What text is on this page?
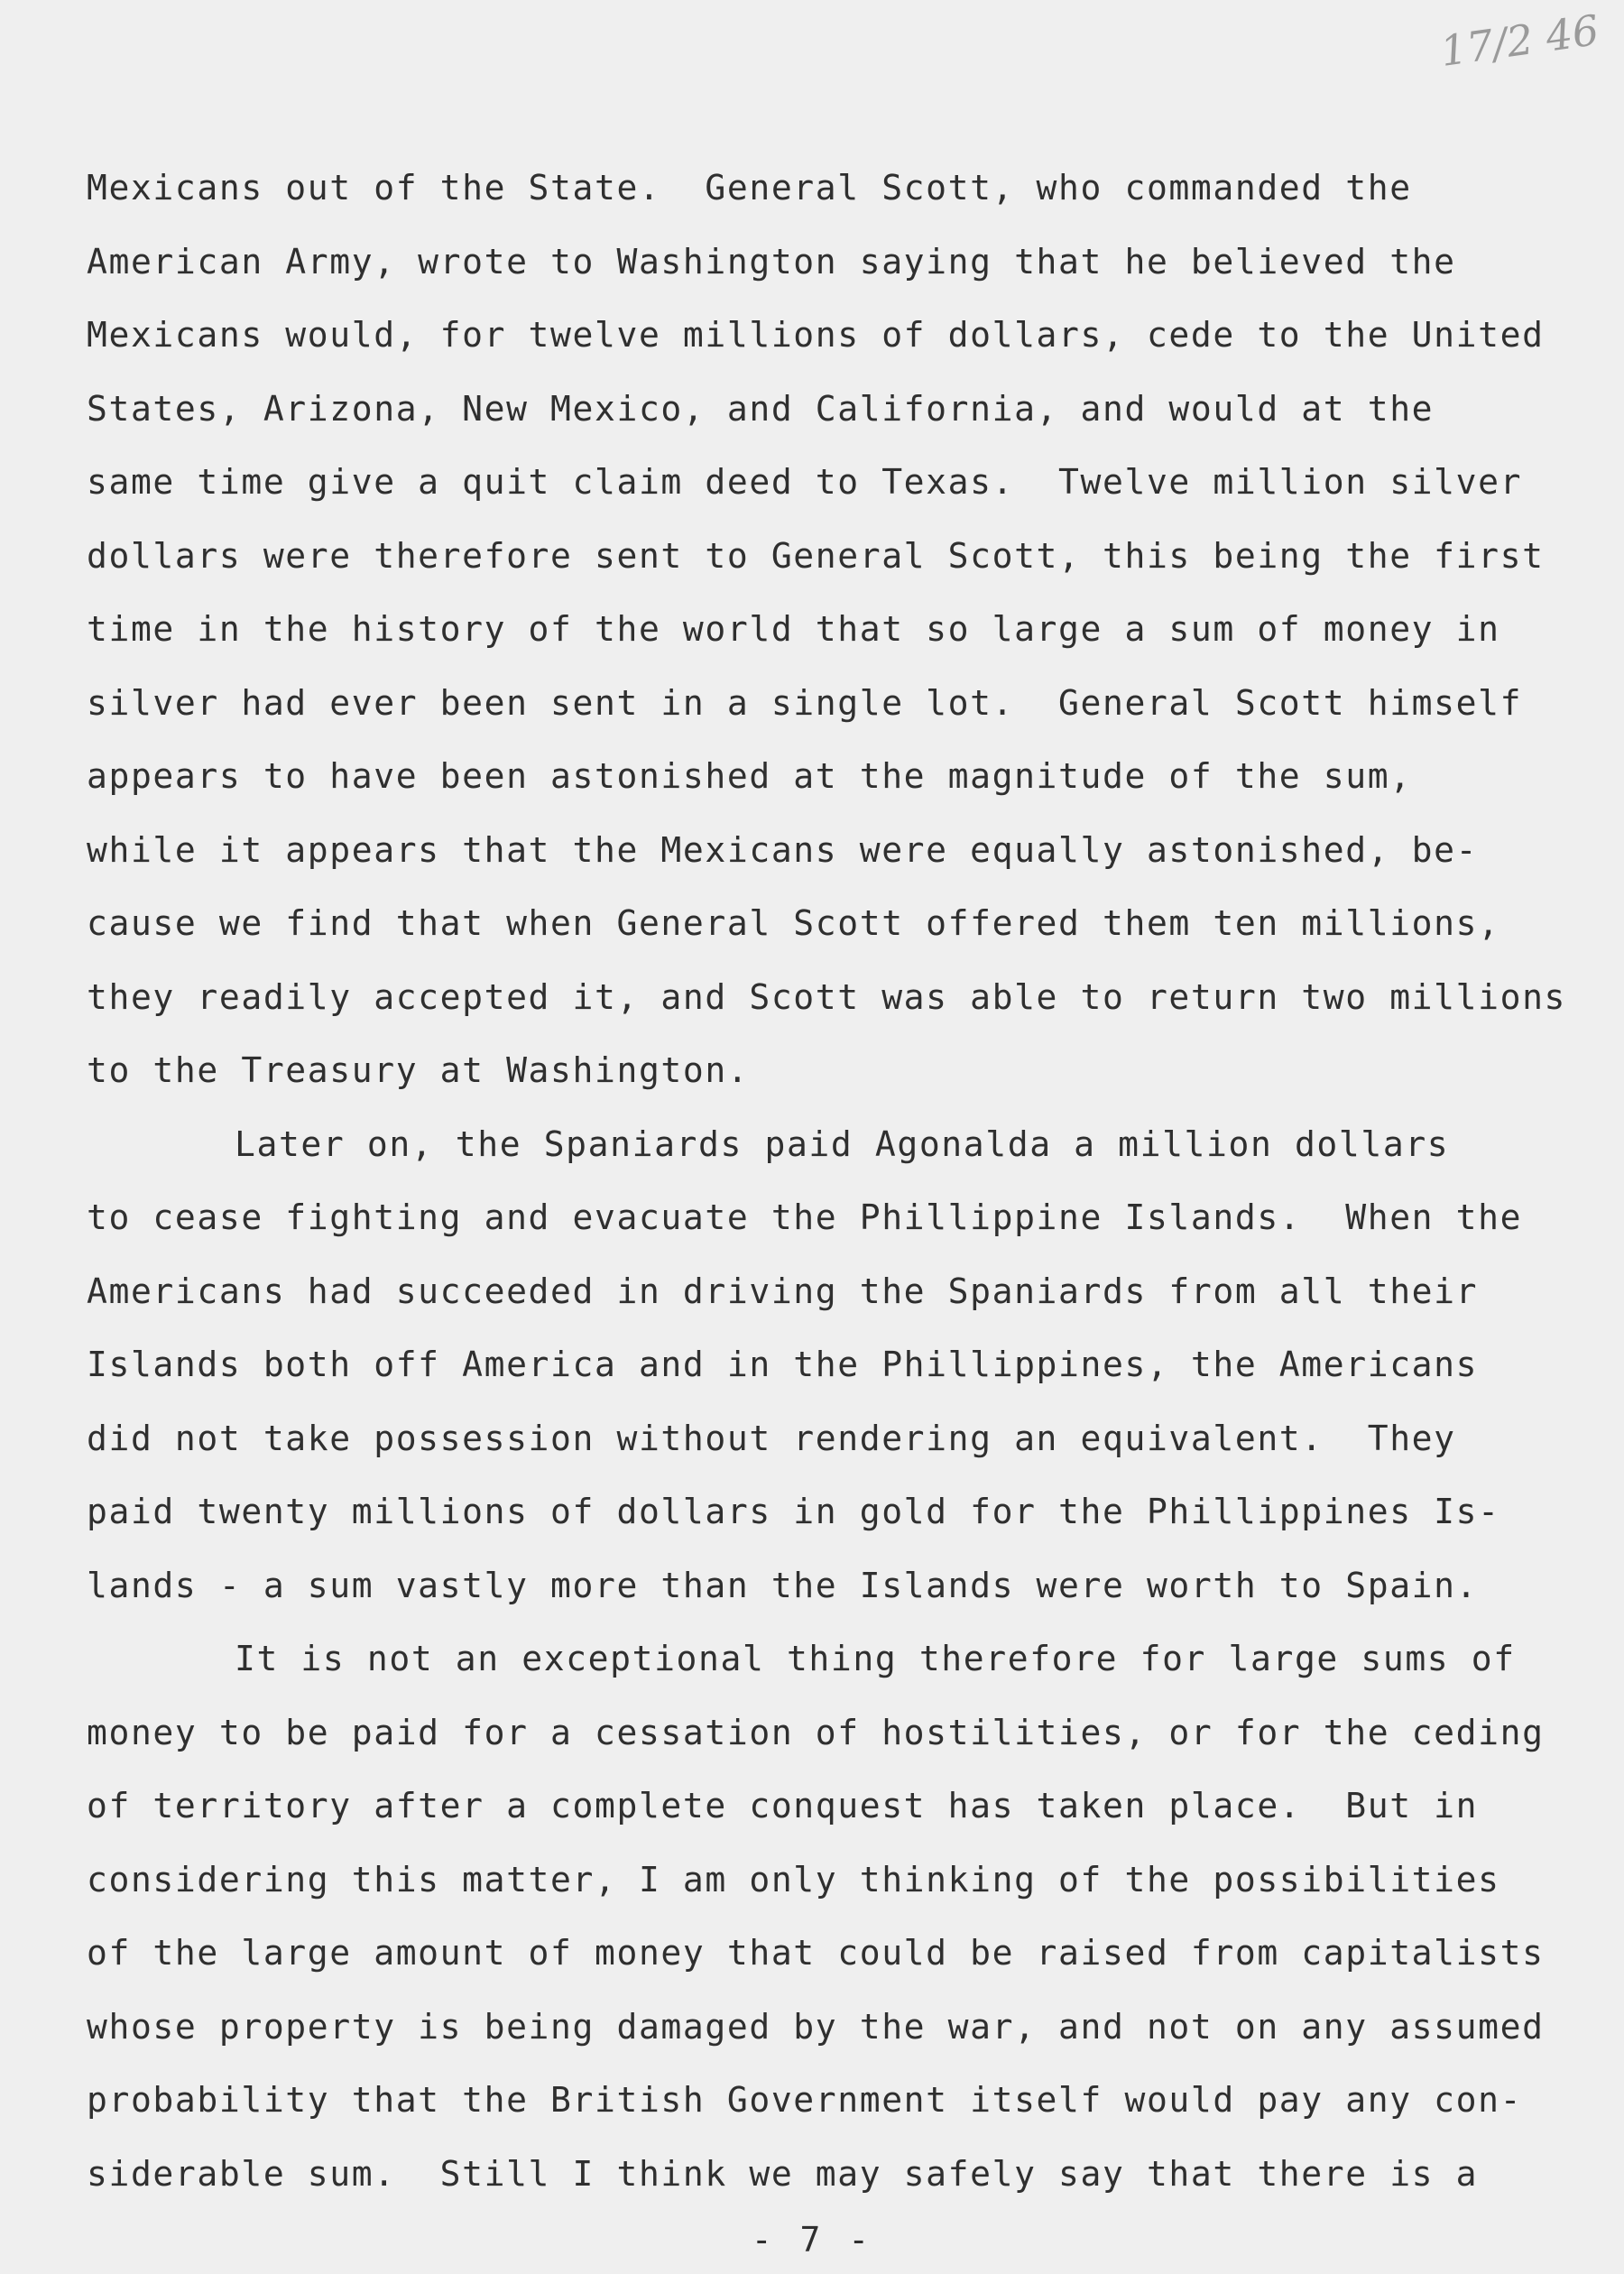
17/2 46
Mexicans out of the State.  General Scott, who commanded the
American Army, wrote to Washington saying that he believed the
Mexicans would, for twelve millions of dollars, cede to the United
States, Arizona, New Mexico, and California, and would at the
same time give a quit claim deed to Texas.  Twelve million silver
dollars were therefore sent to General Scott, this being the first
time in the history of the world that so large a sum of money in
silver had ever been sent in a single lot.  General Scott himself
appears to have been astonished at the magnitude of the sum,
while it appears that the Mexicans were equally astonished, be-
cause we find that when General Scott offered them ten millions,
they readily accepted it, and Scott was able to return two millions
to the Treasury at Washington.
Later on, the Spaniards paid Agonalda a million dollars
to cease fighting and evacuate the Phillippine Islands.  When the
Americans had succeeded in driving the Spaniards from all their
Islands both off America and in the Phillippines, the Americans
did not take possession without rendering an equivalent.  They
paid twenty millions of dollars in gold for the Phillippines Is-
lands - a sum vastly more than the Islands were worth to Spain.
It is not an exceptional thing therefore for large sums of
money to be paid for a cessation of hostilities, or for the ceding
of territory after a complete conquest has taken place.  But in
considering this matter, I am only thinking of the possibilities
of the large amount of money that could be raised from capitalists
whose property is being damaged by the war, and not on any assumed
probability that the British Government itself would pay any con-
siderable sum.  Still I think we may safely say that there is a
- 7 -
